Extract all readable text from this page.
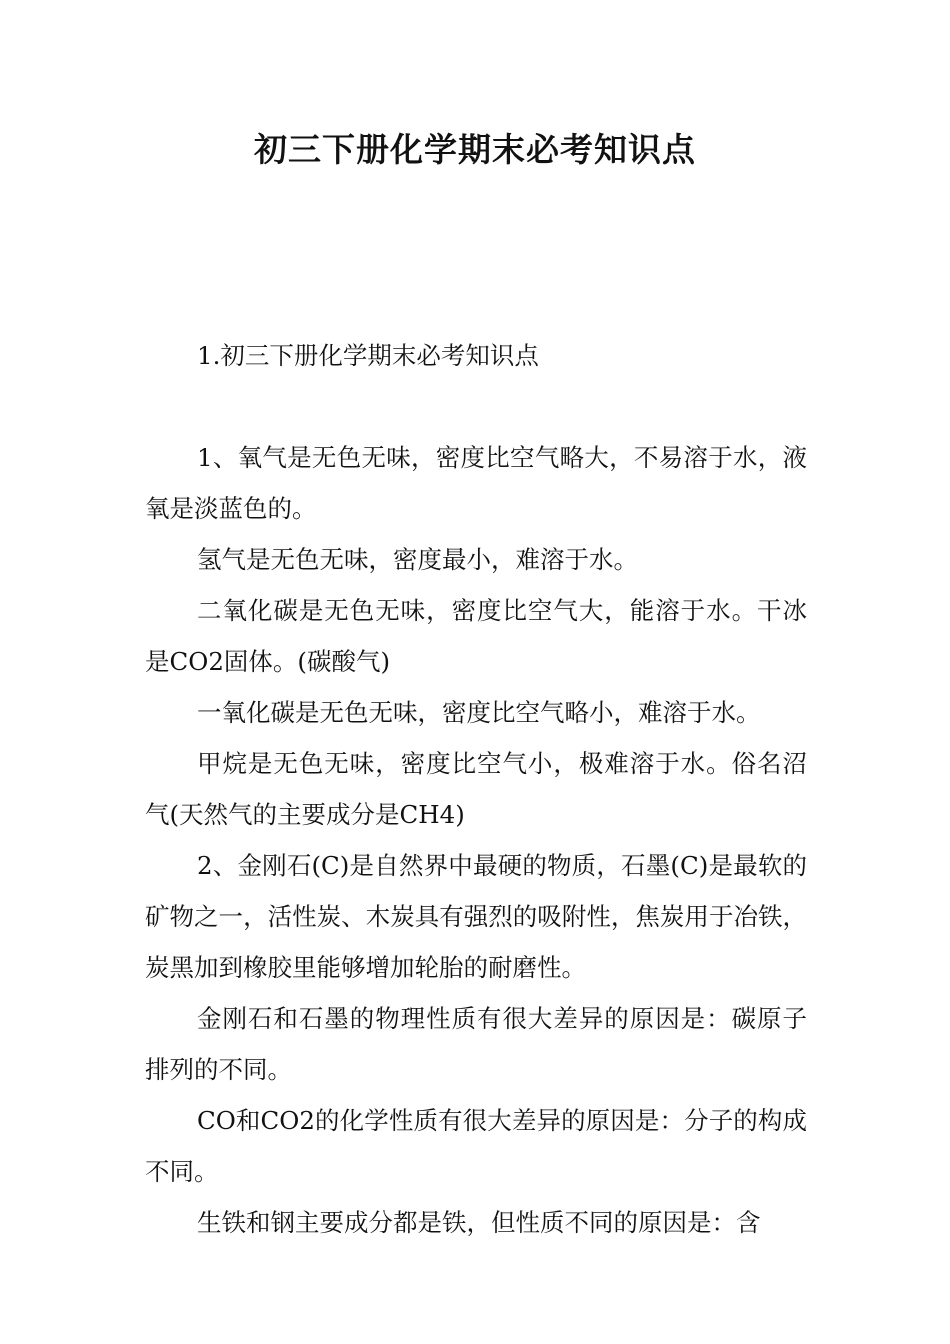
初三下册化学期末必考知识点

1.初三下册化学期末必考知识点

1、氧气是无色无味，密度比空气略大，不易溶于水，液氧是淡蓝色的。

氢气是无色无味，密度最小，难溶于水。

二氧化碳是无色无味，密度比空气大，能溶于水。干冰是CO2固体。(碳酸气)

一氧化碳是无色无味，密度比空气略小，难溶于水。

甲烷是无色无味，密度比空气小，极难溶于水。俗名沼气(天然气的主要成分是CH4)

2、金刚石(C)是自然界中最硬的物质，石墨(C)是最软的矿物之一，活性炭、木炭具有强烈的吸附性，焦炭用于冶铁，炭黑加到橡胶里能够增加轮胎的耐磨性。

金刚石和石墨的物理性质有很大差异的原因是：碳原子排列的不同。

CO和CO2的化学性质有很大差异的原因是：分子的构成不同。

生铁和钢主要成分都是铁，但性质不同的原因是：含
